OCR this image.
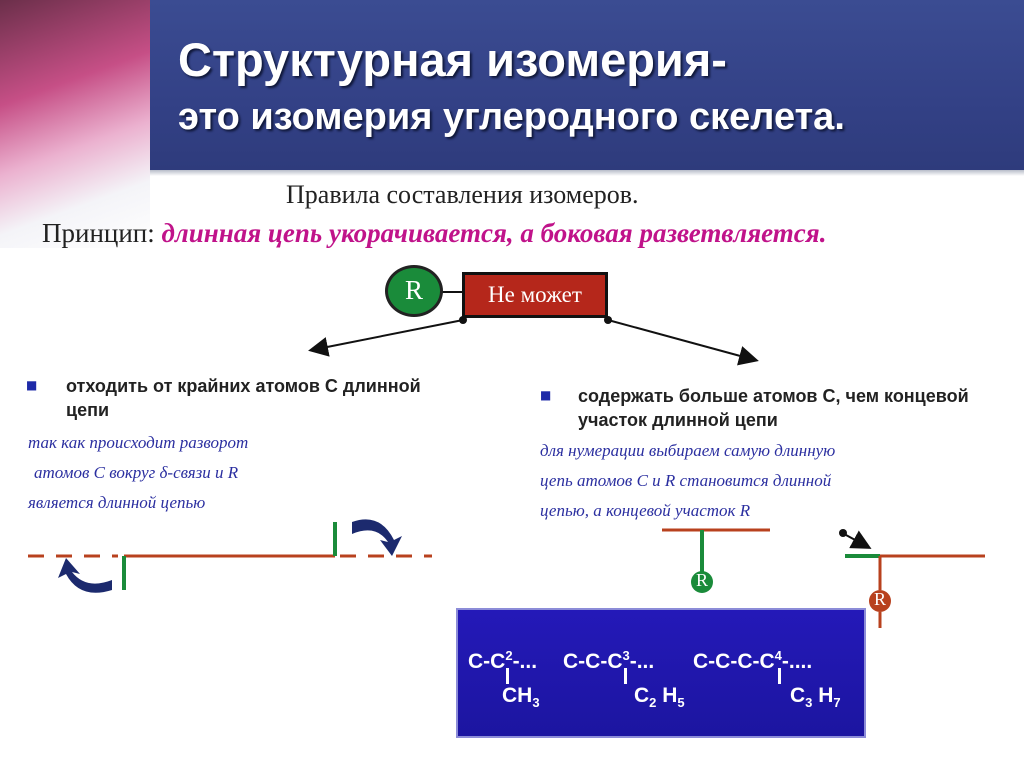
Структурная изомерия-
это изомерия углеродного скелета.
Правила составления изомеров.
Принцип: длинная цепь укорачивается, а боковая разветвляется.
R	Не может
■ отходить от крайних атомов С длинной цепи
так как происходит разворот
атомов С вокруг δ-связи и R
является длинной цепью
■ содержать больше атомов С, чем концевой участок длинной цепи
для нумерации выбираем самую длинную
цепь атомов С и R становится длинной
цепью, а концевой участок R
R
R
$C-C^2-$... $C-C-C^3-$... $C-C-C-C^4-$....
$CH_3$	$C_2$ $H_5$	$C_3$ $H_7$
